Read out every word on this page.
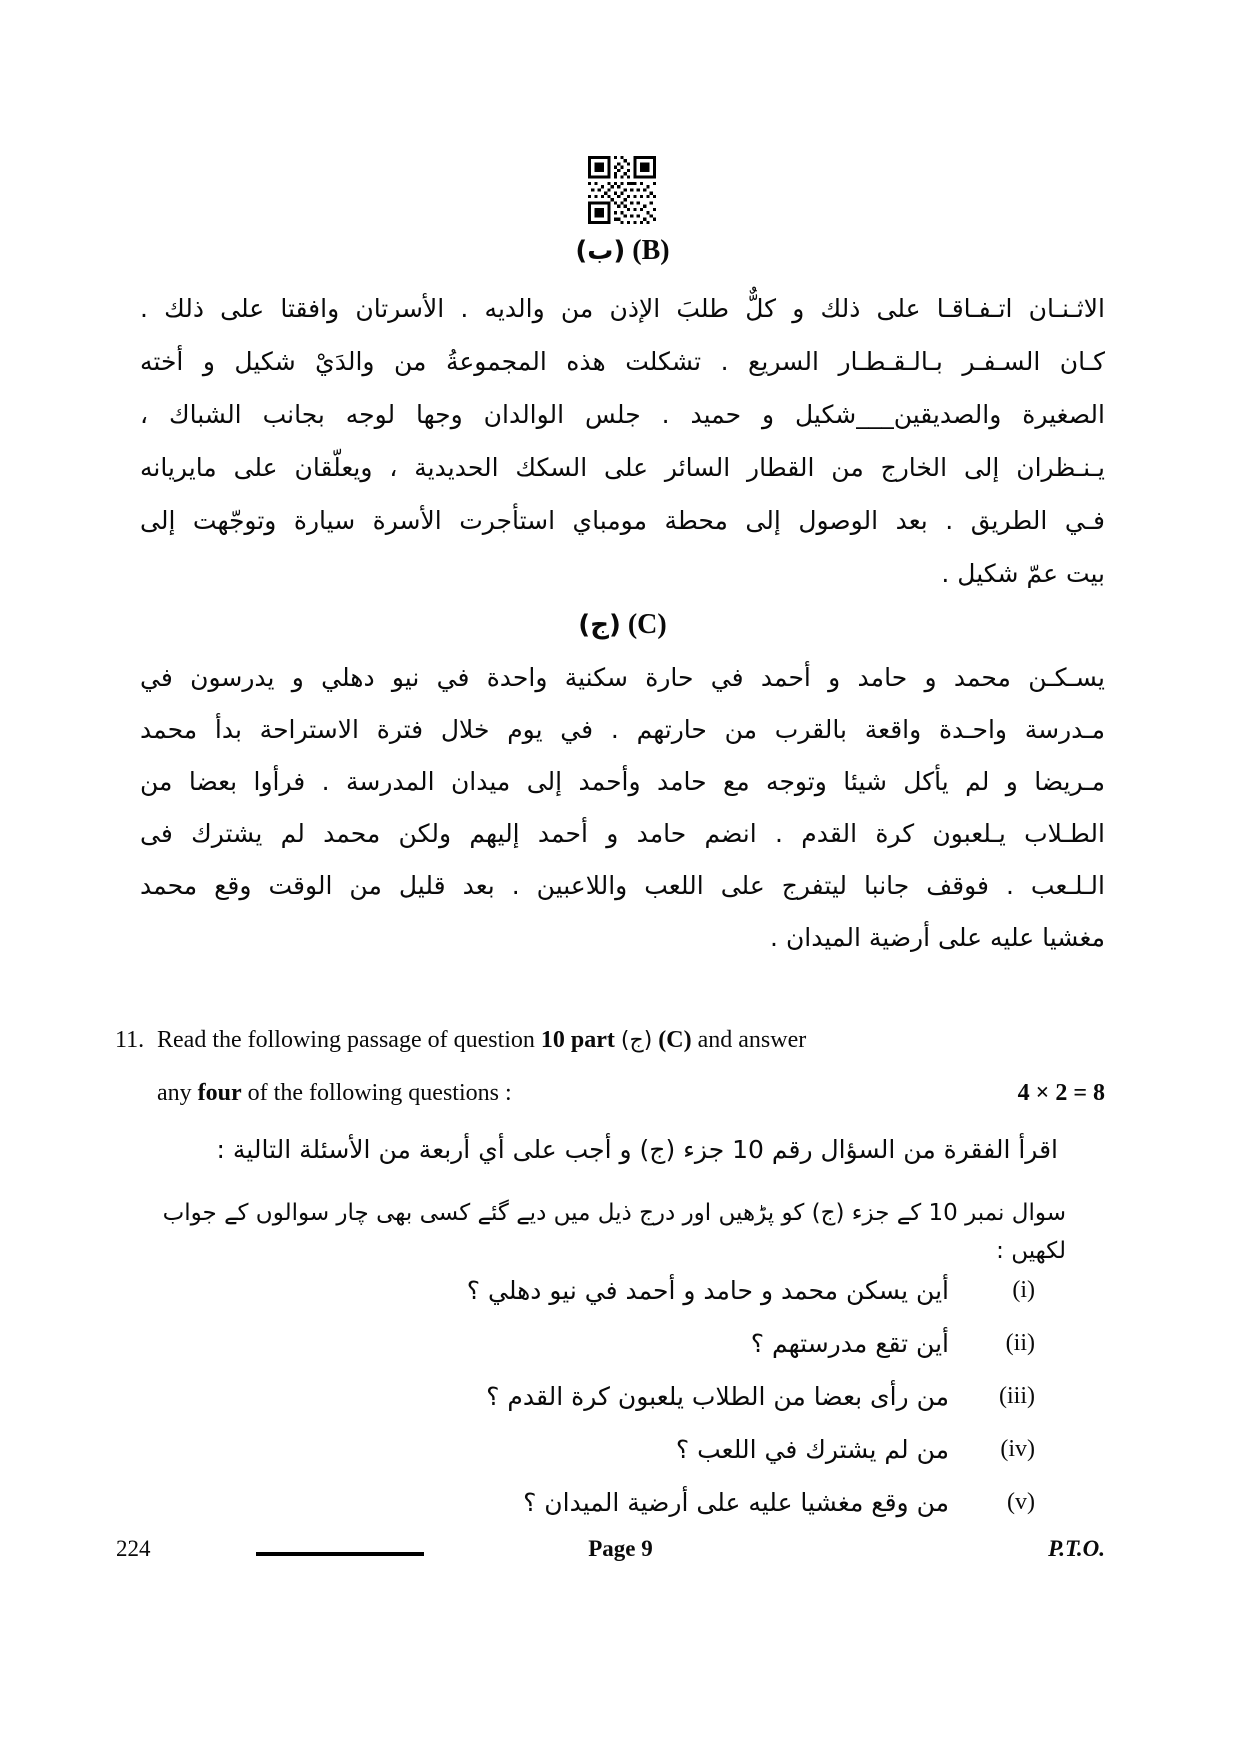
(ب) (B)
الاثـنـان اتـفـاقـا على ذلك و كلٌّ طلبَ الإذن من والديه . الأسرتان وافقتا على ذلك .
كـان السـفـر بـالـقـطـار السريع . تشكلت هذه المجموعةُ من والدَيْ شكيل و أخته
الصغيرة والصديقين___شكيل و حميد . جلس الوالدان وجها لوجه بجانب الشباك ،
يـنـظران إلى الخارج من القطار السائر على السكك الحديدية ، ويعلّقان على مايريانه
فـي الطريق . بعد الوصول إلى محطة مومباي استأجرت الأسرة سيارة وتوجّهت إلى
بيت عمّ شكيل .
(ج) (C)
يسـكـن محمد و حامد و أحمد في حارة سكنية واحدة في نيو دهلي و يدرسون في
مـدرسة واحـدة واقعة بالقرب من حارتهم . في يوم خلال فترة الاستراحة بدأ محمد
مـريضا و لم يأكل شيئا وتوجه مع حامد وأحمد إلى ميدان المدرسة . فرأوا بعضا من
الطـلاب يـلعبون كرة القدم . انضم حامد و أحمد إليهم ولكن محمد لم يشترك فى
الـلـعب . فوقف جانبا ليتفرج على اللعب واللاعبين . بعد قليل من الوقت وقع محمد
مغشيا عليه على أرضية الميدان .
11. Read the following passage of question 10 part (ج) (C) and answer
any four of the following questions :	4 × 2 = 8
اقرأ الفقرة من السؤال رقم 10 جزء (ج) و أجب على أي أربعة من الأسئلة التالية :
سوال نمبر 10 کے جزء (ج) کو پڑھیں اور درج ذیل میں دیے گئے کسی بھی چار سوالوں کے جواب لکھیں :
(i)
أين يسكن محمد و حامد و أحمد في نيو دهلي ؟
(ii)
أين تقع مدرستهم ؟
(iii)
من رأى بعضا من الطلاب يلعبون كرة القدم ؟
(iv)
من لم يشترك في اللعب ؟
(v)
من وقع مغشيا عليه على أرضية الميدان ؟
224	Page 9	P.T.O.
